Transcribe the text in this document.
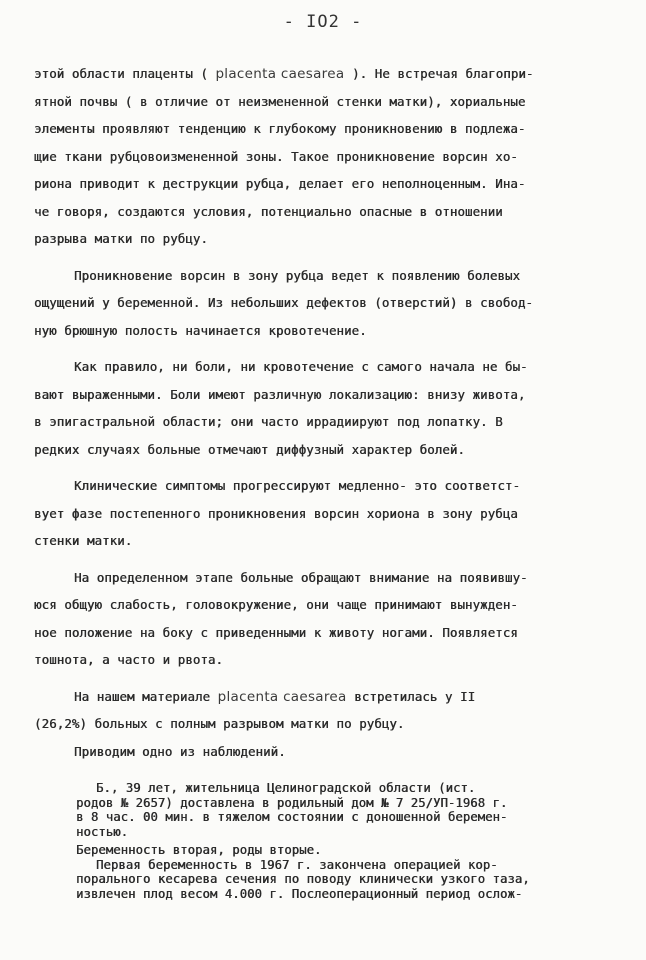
- IO2 -
этой области плаценты ( placenta caesarea ). Не встречая благопри-
ятной почвы ( в отличие от неизмененной стенки матки), хориальные
элементы проявляют тенденцию к глубокому проникновению в подлежа-
щие ткани рубцовоизмененной зоны. Такое проникновение ворсин хо-
риона приводит к деструкции рубца, делает его неполноценным. Ина-
че говоря, создаются условия, потенциально опасные в отношении
разрыва матки по рубцу.
Проникновение ворсин в зону рубца ведет к появлению болевых
ощущений у беременной. Из небольших дефектов (отверстий) в свобод-
ную брюшную полость начинается кровотечение.
Как правило, ни боли, ни кровотечение с самого начала не бы-
вают выраженными. Боли имеют различную локализацию: внизу живота,
в эпигастральной области; они часто иррадиируют под лопатку. В
редких случаях больные отмечают диффузный характер болей.
Клинические симптомы прогрессируют медленно- это соответст-
вует фазе постепенного проникновения ворсин хориона в зону рубца
стенки матки.
На определенном этапе больные обращают внимание на появившу-
юся общую слабость, головокружение, они чаще принимают вынужден-
ное положение на боку с приведенными к животу ногами. Появляется
тошнота, а часто и рвота.
На нашем материале placenta caesarea встретилась у II
(26,2%) больных с полным разрывом матки по рубцу.
Приводим одно из наблюдений.
Б., 39 лет, жительница Целиноградской области (ист.
родов № 2657) доставлена в родильный дом № 7 25/УП-1968 г.
в 8 час. 00 мин. в тяжелом состоянии с доношенной беремен-
ностью.
Беременность вторая, роды вторые.
Первая беременность в 1967 г. закончена операцией кор-
порального кесарева сечения по поводу клинически узкого таза,
извлечен плод весом 4.000 г. Послеоперационный период ослож-
